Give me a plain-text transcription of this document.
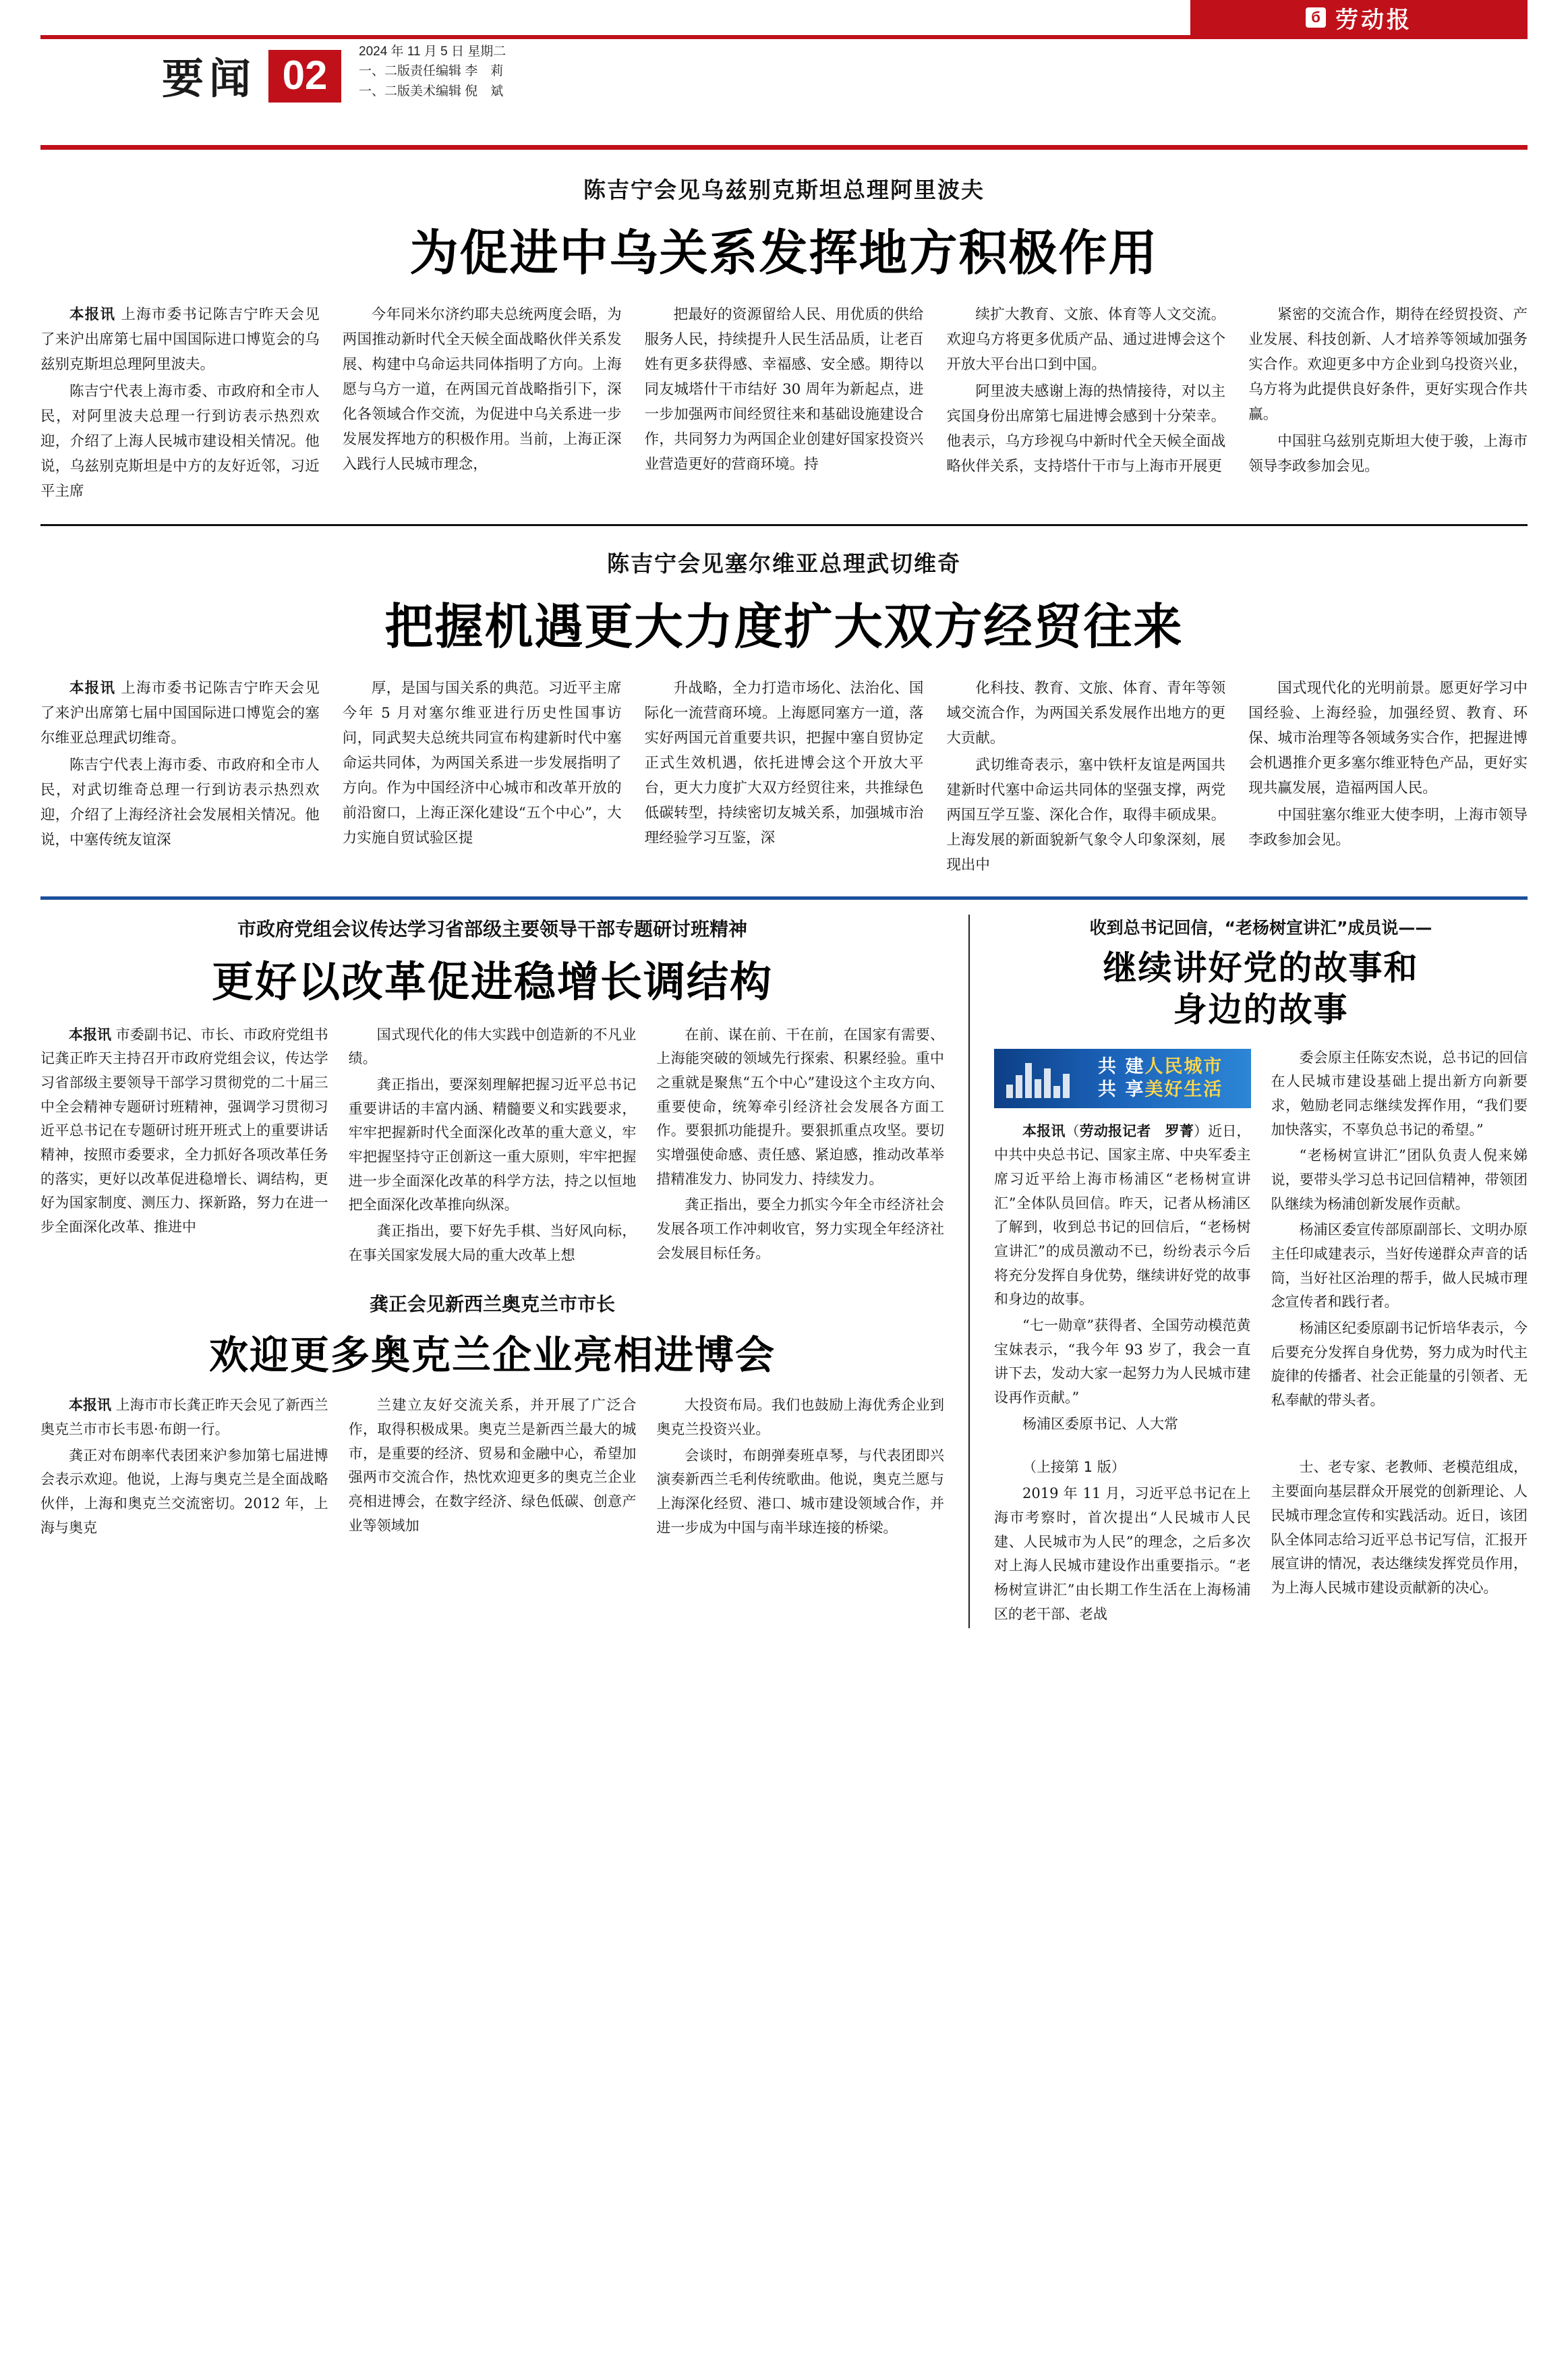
б 劳动报
要闻 02
2024 年 11 月 5 日 星期二
一、二版责任编辑 李　莉
一、二版美术编辑 倪　斌
陈吉宁会见乌兹别克斯坦总理阿里波夫
为促进中乌关系发挥地方积极作用

本报讯 上海市委书记陈吉宁昨天会见了来沪出席第七届中国国际进口博览会的乌兹别克斯坦总理阿里波夫。

陈吉宁代表上海市委、市政府和全市人民，对阿里波夫总理一行到访表示热烈欢迎，介绍了上海人民城市建设相关情况。他说，乌兹别克斯坦是中方的友好近邻，习近平主席

今年同米尔济约耶夫总统两度会晤，为两国推动新时代全天候全面战略伙伴关系发展、构建中乌命运共同体指明了方向。上海愿与乌方一道，在两国元首战略指引下，深化各领域合作交流，为促进中乌关系进一步发展发挥地方的积极作用。当前，上海正深入践行人民城市理念，

把最好的资源留给人民、用优质的供给服务人民，持续提升人民生活品质，让老百姓有更多获得感、幸福感、安全感。期待以同友城塔什干市结好 30 周年为新起点，进一步加强两市间经贸往来和基础设施建设合作，共同努力为两国企业创建好国家投资兴业营造更好的营商环境。持

续扩大教育、文旅、体育等人文交流。欢迎乌方将更多优质产品、通过进博会这个开放大平台出口到中国。

阿里波夫感谢上海的热情接待，对以主宾国身份出席第七届进博会感到十分荣幸。他表示，乌方珍视乌中新时代全天候全面战略伙伴关系，支持塔什干市与上海市开展更

紧密的交流合作，期待在经贸投资、产业发展、科技创新、人才培养等领域加强务实合作。欢迎更多中方企业到乌投资兴业，乌方将为此提供良好条件，更好实现合作共赢。

中国驻乌兹别克斯坦大使于骏，上海市领导李政参加会见。

陈吉宁会见塞尔维亚总理武切维奇
把握机遇更大力度扩大双方经贸往来

本报讯 上海市委书记陈吉宁昨天会见了来沪出席第七届中国国际进口博览会的塞尔维亚总理武切维奇。

陈吉宁代表上海市委、市政府和全市人民，对武切维奇总理一行到访表示热烈欢迎，介绍了上海经济社会发展相关情况。他说，中塞传统友谊深

厚，是国与国关系的典范。习近平主席今年 5 月对塞尔维亚进行历史性国事访问，同武契夫总统共同宣布构建新时代中塞命运共同体，为两国关系进一步发展指明了方向。作为中国经济中心城市和改革开放的前沿窗口，上海正深化建设“五个中心”，大力实施自贸试验区提

升战略，全力打造市场化、法治化、国际化一流营商环境。上海愿同塞方一道，落实好两国元首重要共识，把握中塞自贸协定正式生效机遇，依托进博会这个开放大平台，更大力度扩大双方经贸往来，共推绿色低碳转型，持续密切友城关系，加强城市治理经验学习互鉴，深

化科技、教育、文旅、体育、青年等领域交流合作，为两国关系发展作出地方的更大贡献。

武切维奇表示，塞中铁杆友谊是两国共建新时代塞中命运共同体的坚强支撑，两党两国互学互鉴、深化合作，取得丰硕成果。上海发展的新面貌新气象令人印象深刻，展现出中

国式现代化的光明前景。愿更好学习中国经验、上海经验，加强经贸、教育、环保、城市治理等各领域务实合作，把握进博会机遇推介更多塞尔维亚特色产品，更好实现共赢发展，造福两国人民。

中国驻塞尔维亚大使李明，上海市领导李政参加会见。

市政府党组会议传达学习省部级主要领导干部专题研讨班精神
更好以改革促进稳增长调结构

本报讯 市委副书记、市长、市政府党组书记龚正昨天主持召开市政府党组会议，传达学习省部级主要领导干部学习贯彻党的二十届三中全会精神专题研讨班精神，强调学习贯彻习近平总书记在专题研讨班开班式上的重要讲话精神，按照市委要求，全力抓好各项改革任务的落实，更好以改革促进稳增长、调结构，更好为国家制度、测压力、探新路，努力在进一步全面深化改革、推进中

国式现代化的伟大实践中创造新的不凡业绩。

龚正指出，要深刻理解把握习近平总书记重要讲话的丰富内涵、精髓要义和实践要求，牢牢把握新时代全面深化改革的重大意义，牢牢把握坚持守正创新这一重大原则，牢牢把握进一步全面深化改革的科学方法，持之以恒地把全面深化改革推向纵深。

龚正指出，要下好先手棋、当好风向标，在事关国家发展大局的重大改革上想

在前、谋在前、干在前，在国家有需要、上海能突破的领域先行探索、积累经验。重中之重就是聚焦“五个中心”建设这个主攻方向、重要使命，统筹牵引经济社会发展各方面工作。要狠抓功能提升。要狠抓重点攻坚。要切实增强使命感、责任感、紧迫感，推动改革举措精准发力、协同发力、持续发力。

龚正指出，要全力抓实今年全市经济社会发展各项工作冲刺收官，努力实现全年经济社会发展目标任务。

龚正会见新西兰奥克兰市市长
欢迎更多奥克兰企业亮相进博会

本报讯 上海市市长龚正昨天会见了新西兰奥克兰市市长韦恩·布朗一行。

龚正对布朗率代表团来沪参加第七届进博会表示欢迎。他说，上海与奥克兰是全面战略伙伴，上海和奥克兰交流密切。2012 年，上海与奥克

兰建立友好交流关系，并开展了广泛合作，取得积极成果。奥克兰是新西兰最大的城市，是重要的经济、贸易和金融中心，希望加强两市交流合作，热忱欢迎更多的奥克兰企业亮相进博会，在数字经济、绿色低碳、创意产业等领域加

大投资布局。我们也鼓励上海优秀企业到奥克兰投资兴业。

会谈时，布朗弹奏班卓琴，与代表团即兴演奏新西兰毛利传统歌曲。他说，奥克兰愿与上海深化经贸、港口、城市建设领域合作，并进一步成为中国与南半球连接的桥梁。

收到总书记回信，“老杨树宣讲汇”成员说——
继续讲好党的故事和
身边的故事
共 建人民城市
共 享美好生活

本报讯（劳动报记者　罗菁）近日，中共中央总书记、国家主席、中央军委主席习近平给上海市杨浦区“老杨树宣讲汇”全体队员回信。昨天，记者从杨浦区了解到，收到总书记的回信后，“老杨树宣讲汇”的成员激动不已，纷纷表示今后将充分发挥自身优势，继续讲好党的故事和身边的故事。

“七一勋章”获得者、全国劳动模范黄宝妹表示，“我今年 93 岁了，我会一直讲下去，发动大家一起努力为人民城市建设再作贡献。”

杨浦区委原书记、人大常

委会原主任陈安杰说，总书记的回信在人民城市建设基础上提出新方向新要求，勉励老同志继续发挥作用，“我们要加快落实，不辜负总书记的希望。”

“老杨树宣讲汇”团队负责人倪来娣说，要带头学习总书记回信精神，带领团队继续为杨浦创新发展作贡献。

杨浦区委宣传部原副部长、文明办原主任印咸建表示，当好传递群众声音的话筒，当好社区治理的帮手，做人民城市理念宣传者和践行者。

杨浦区纪委原副书记忻培华表示，今后要充分发挥自身优势，努力成为时代主旋律的传播者、社会正能量的引领者、无私奉献的带头者。

（上接第 1 版）

2019 年 11 月，习近平总书记在上海市考察时，首次提出“人民城市人民建、人民城市为人民”的理念，之后多次对上海人民城市建设作出重要指示。“老杨树宣讲汇”由长期工作生活在上海杨浦区的老干部、老战

士、老专家、老教师、老模范组成，主要面向基层群众开展党的创新理论、人民城市理念宣传和实践活动。近日，该团队全体同志给习近平总书记写信，汇报开展宣讲的情况，表达继续发挥党员作用，为上海人民城市建设贡献新的决心。
